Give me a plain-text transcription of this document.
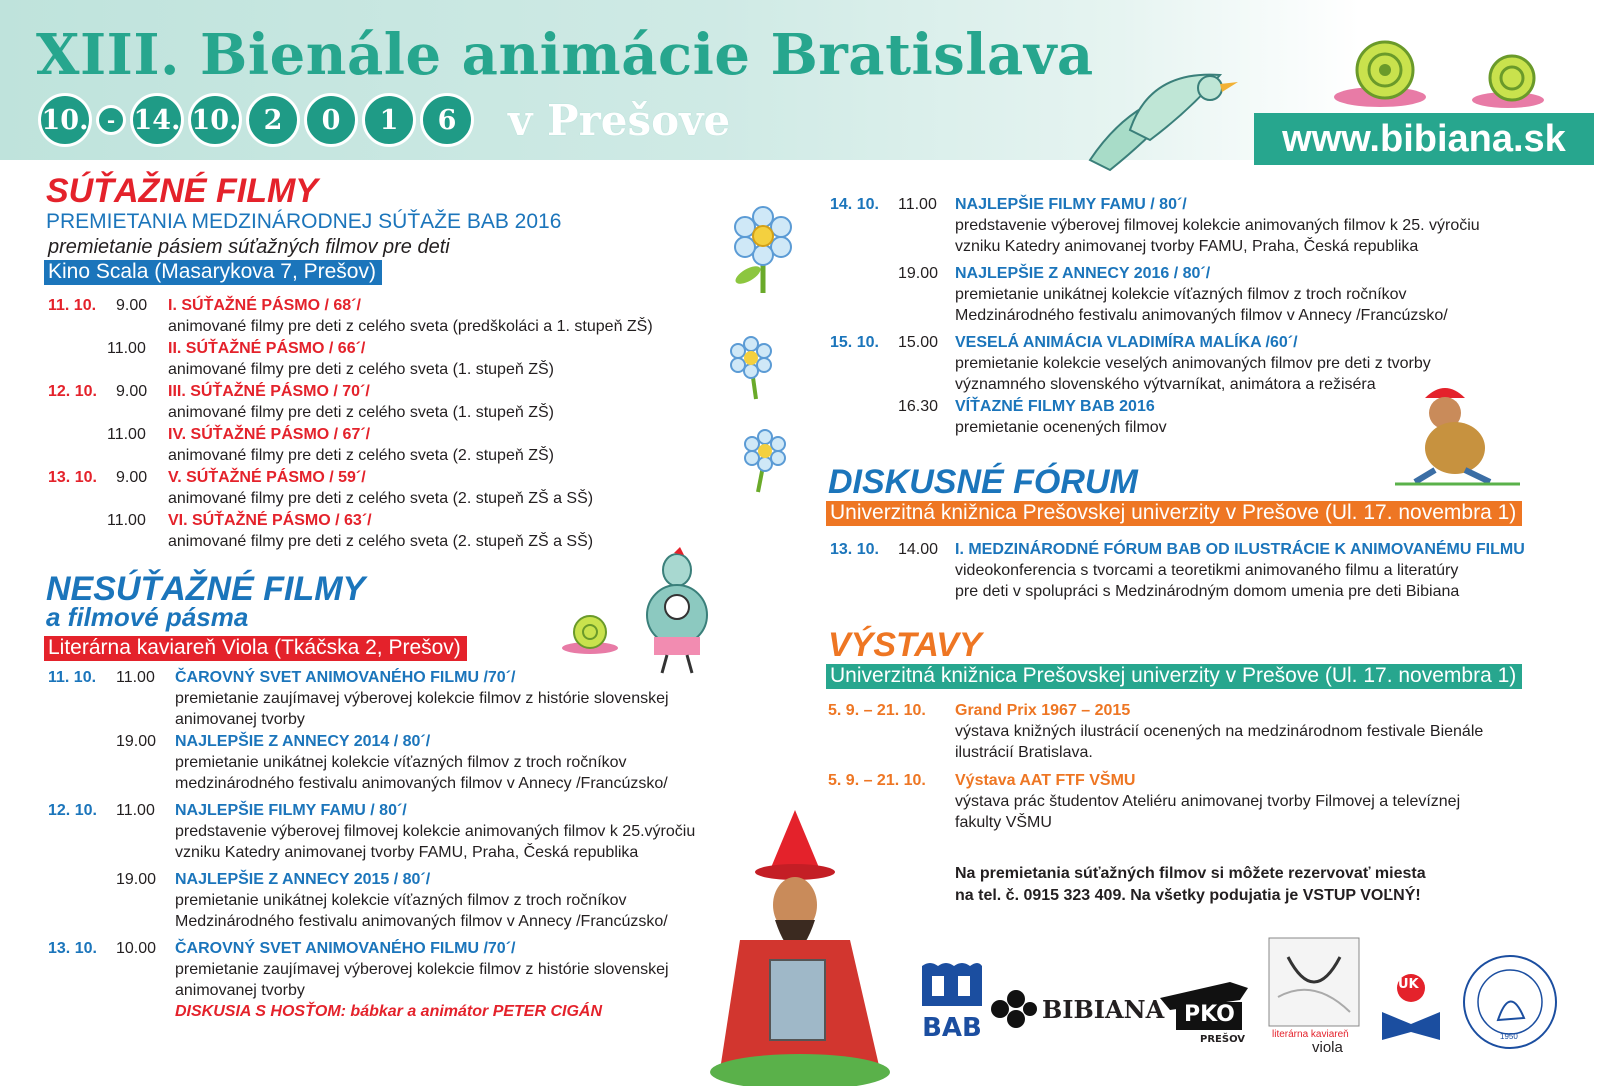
XIII. Bienále animácie Bratislava
10. - 14. 10. 2	0	1	6	v Prešove	www.bibiana.sk
SÚŤAŽNÉ FILMY
PREMIETANIA MEDZINÁRODNEJ SÚŤAŽE BAB 2016
premietanie pásiem súťažných filmov pre deti
Kino Scala (Masarykova 7, Prešov)
11. 10. 9.00 I. SÚŤAŽNÉ PÁSMO / 68´/
animované filmy pre deti z celého sveta (predškoláci a 1. stupeň ZŠ)
11.00 II. SÚŤAŽNÉ PÁSMO / 66´/
animované filmy pre deti z celého sveta (1. stupeň ZŠ)
12. 10. 9.00 III. SÚŤAŽNÉ PÁSMO / 70´/
animované filmy pre deti z celého sveta (1. stupeň ZŠ)
11.00 IV. SÚŤAŽNÉ PÁSMO / 67´/
animované filmy pre deti z celého sveta (2. stupeň ZŠ)
13. 10. 9.00 V. SÚŤAŽNÉ PÁSMO / 59´/
animované filmy pre deti z celého sveta (2. stupeň ZŠ a SŠ)
11.00 VI. SÚŤAŽNÉ PÁSMO / 63´/
animované filmy pre deti z celého sveta (2. stupeň ZŠ a SŠ)
NESÚŤAŽNÉ FILMY
a filmové pásma
Literárna kaviareň Viola (Tkáčska 2, Prešov)
11. 10. 11.00 ČAROVNÝ SVET ANIMOVANÉHO FILMU /70´/
premietanie zaujímavej výberovej kolekcie filmov z histórie slovenskej
animovanej tvorby
19.00 NAJLEPŠIE Z ANNECY 2014 / 80´/
premietanie unikátnej kolekcie víťazných filmov z troch ročníkov
medzinárodného festivalu animovaných filmov v Annecy /Francúzsko/
12. 10. 11.00 NAJLEPŠIE FILMY FAMU / 80´/
predstavenie výberovej filmovej kolekcie animovaných filmov k 25.výročiu
vzniku Katedry animovanej tvorby FAMU, Praha, Česká republika
19.00 NAJLEPŠIE Z ANNECY 2015 / 80´/
premietanie unikátnej kolekcie víťazných filmov z troch ročníkov
Medzinárodného festivalu animovaných filmov v Annecy /Francúzsko/
13. 10. 10.00 ČAROVNÝ SVET ANIMOVANÉHO FILMU /70´/
premietanie zaujímavej výberovej kolekcie filmov z histórie slovenskej
animovanej tvorby
DISKUSIA S HOSŤOM: bábkar a animátor PETER CIGÁN
14. 10. 11.00 NAJLEPŠIE FILMY FAMU / 80´/
predstavenie výberovej filmovej kolekcie animovaných filmov k 25. výročiu
vzniku Katedry animovanej tvorby FAMU, Praha, Česká republika
19.00 NAJLEPŠIE Z ANNECY 2016 / 80´/
premietanie unikátnej kolekcie víťazných filmov z troch ročníkov
Medzinárodného festivalu animovaných filmov v Annecy /Francúzsko/
15. 10. 15.00 VESELÁ ANIMÁCIA VLADIMÍRA MALÍKA /60´/
premietanie kolekcie veselých animovaných filmov pre deti z tvorby
významného slovenského výtvarníkat, animátora a režiséra
16.30 VÍŤAZNÉ FILMY BAB 2016
premietanie ocenených filmov
DISKUSNÉ FÓRUM
Univerzitná knižnica Prešovskej univerzity v Prešove (Ul. 17. novembra 1)
13. 10. 14.00 I. MEDZINÁRODNÉ FÓRUM BAB OD ILUSTRÁCIE K ANIMOVANÉMU FILMU
videokonferencia s tvorcami a teoretikmi animovaného filmu a literatúry
pre deti v spolupráci s Medzinárodným domom umenia pre deti Bibiana
VÝSTAVY
Univerzitná knižnica Prešovskej univerzity v Prešove (Ul. 17. novembra 1)
5. 9. – 21. 10. Grand Prix 1967 – 2015
výstava knižných ilustrácií ocenených na medzinárodnom festivale Bienále
ilustrácií Bratislava.
5. 9. – 21. 10. Výstava AAT FTF VŠMU
výstava prác študentov Ateliéru animovanej tvorby Filmovej a televíznej
fakulty VŠMU
Na premietania súťažných filmov si môžete rezervovať miesta
na tel. č. 0915 323 409. Na všetky podujatia je VSTUP VOĽNÝ!
BAB
BIBIANA PKO
PREŠOV	literárna kaviareň
viola
UK
1950
